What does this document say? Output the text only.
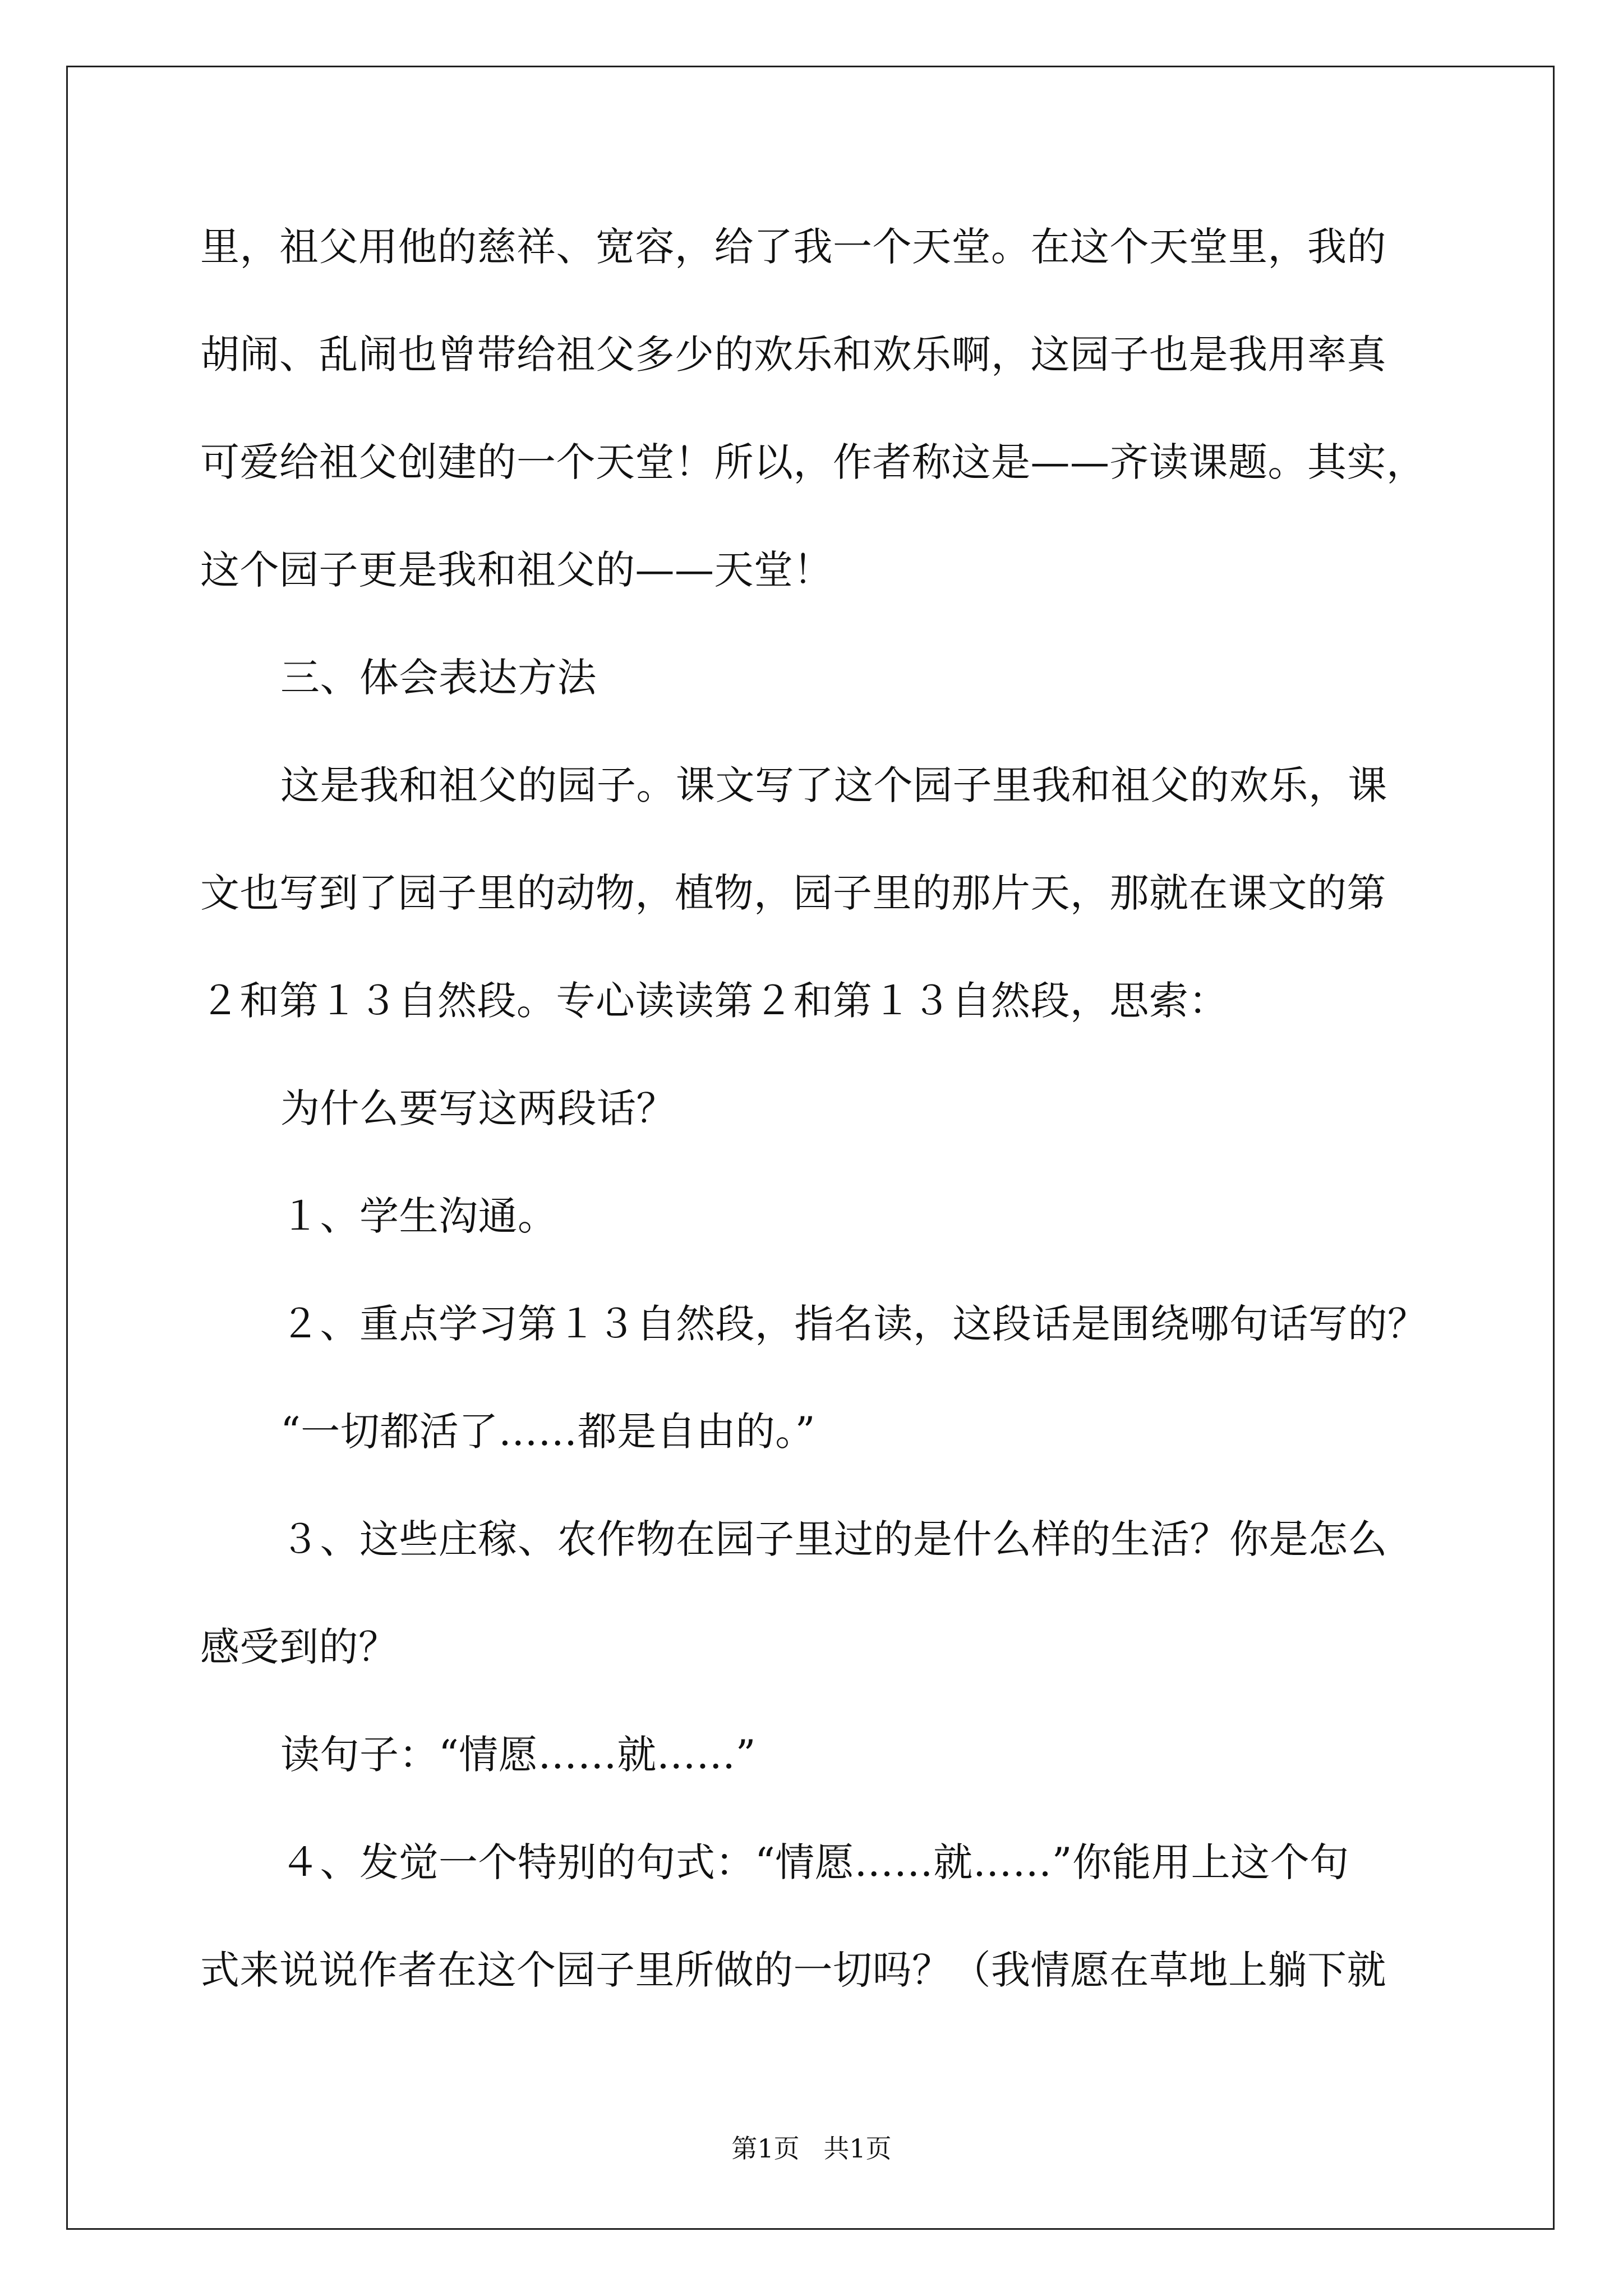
里，祖父用他的慈祥、宽容，给了我一个天堂。在这个天堂里，我的
胡闹、乱闹也曾带给祖父多少的欢乐和欢乐啊，这园子也是我用率真
可爱给祖父创建的一个天堂！所以，作者称这是——齐读课题。其实，
这个园子更是我和祖父的——天堂！
三、体会表达方法
这是我和祖父的园子。课文写了这个园子里我和祖父的欢乐，课
文也写到了园子里的动物，植物，园子里的那片天，那就在课文的第
２和第１３自然段。专心读读第２和第１３自然段，思索：
为什么要写这两段话？
１、学生沟通。
２、重点学习第１３自然段，指名读，这段话是围绕哪句话写的？
“一切都活了……都是自由的。”
３、这些庄稼、农作物在园子里过的是什么样的生活？你是怎么
感受到的？
读句子：“情愿……就……”
４、发觉一个特别的句式：“情愿……就……”你能用上这个句
式来说说作者在这个园子里所做的一切吗？（我情愿在草地上躺下就
第1页 共1页
